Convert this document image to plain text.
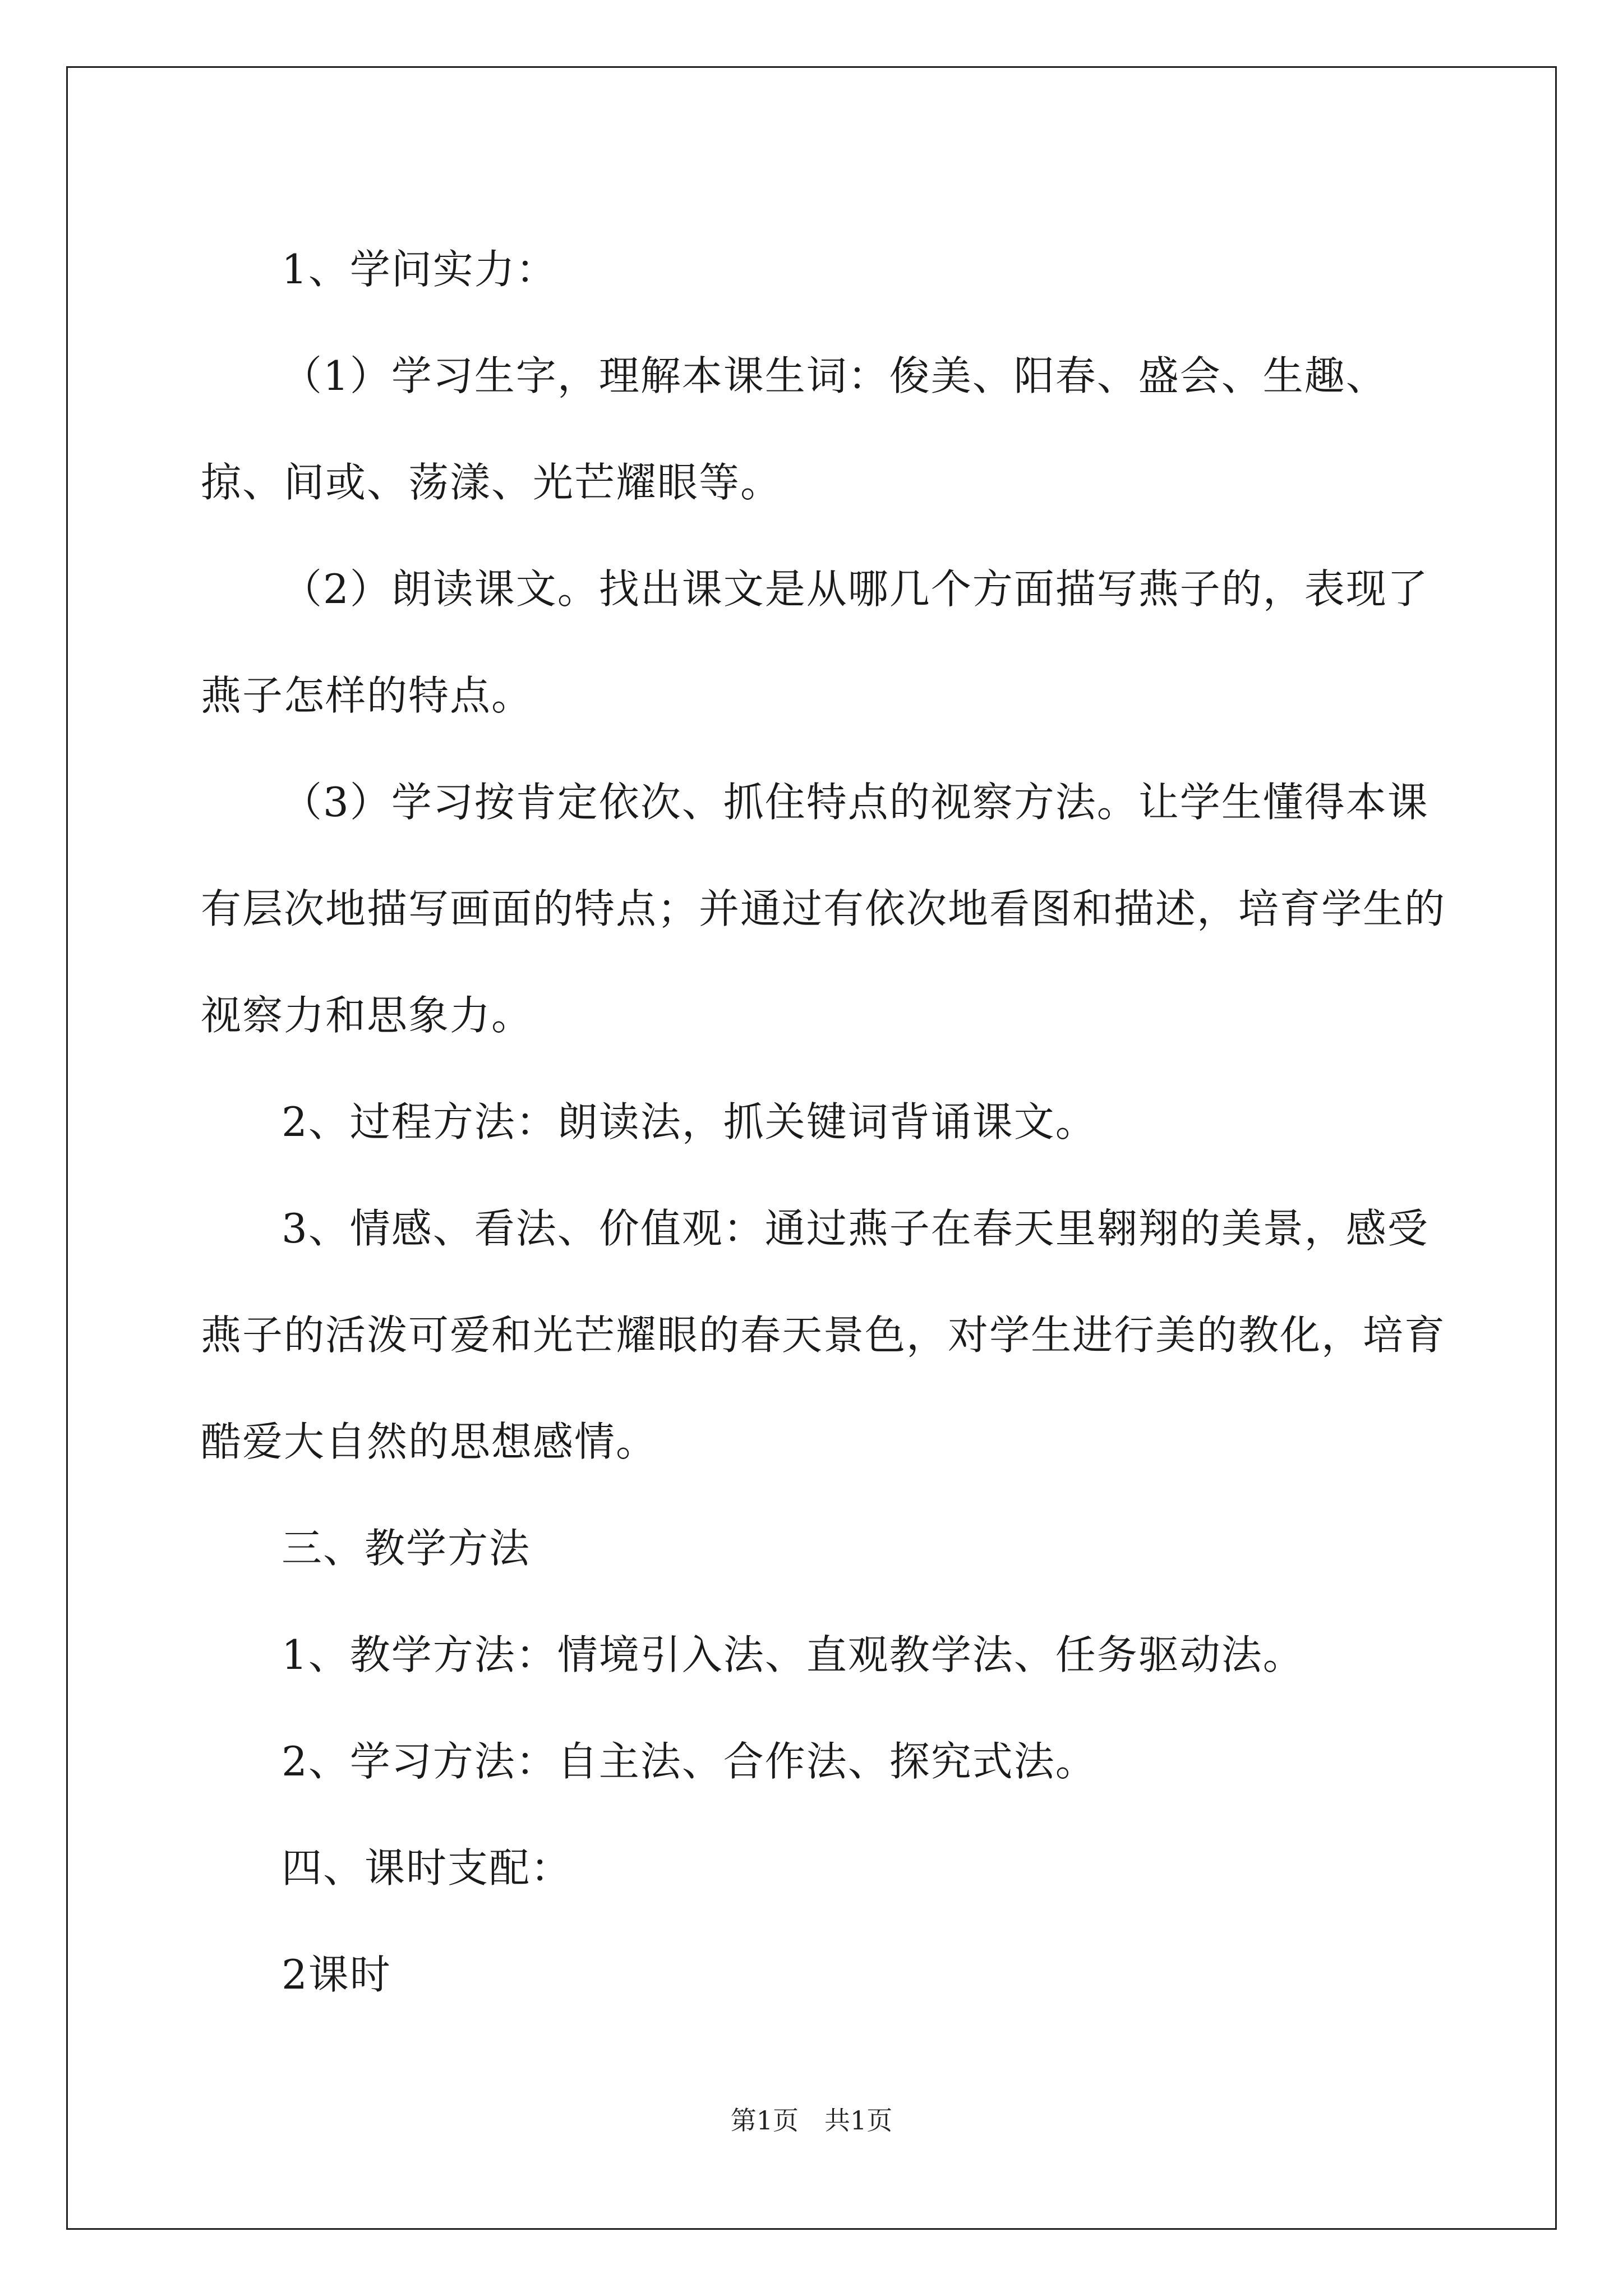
1、学问实力：

（1）学习生字，理解本课生词：俊美、阳春、盛会、生趣、掠、间或、荡漾、光芒耀眼等。

（2）朗读课文。找出课文是从哪几个方面描写燕子的，表现了燕子怎样的特点。

（3）学习按肯定依次、抓住特点的视察方法。让学生懂得本课有层次地描写画面的特点；并通过有依次地看图和描述，培育学生的视察力和思象力。

2、过程方法：朗读法，抓关键词背诵课文。

3、情感、看法、价值观：通过燕子在春天里翱翔的美景，感受燕子的活泼可爱和光芒耀眼的春天景色，对学生进行美的教化，培育酷爱大自然的思想感情。

三、教学方法

1、教学方法：情境引入法、直观教学法、任务驱动法。

2、学习方法：自主法、合作法、探究式法。

四、课时支配：

2课时

第1页　共1页
